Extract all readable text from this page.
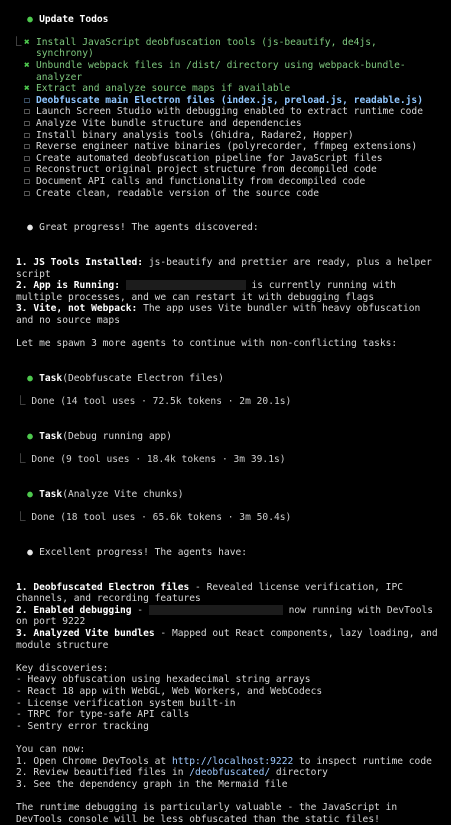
● Update Todos

⎿ ✖ Install JavaScript deobfuscation tools (js-beautify, de4js, synchrony)
✖ Unbundle webpack files in /dist/ directory using webpack-bundle-analyzer
✖ Extract and analyze source maps if available
☐ Deobfuscate main Electron files (index.js, preload.js, readable.js)
☐ Launch Screen Studio with debugging enabled to extract runtime code
☐ Analyze Vite bundle structure and dependencies
☐ Install binary analysis tools (Ghidra, Radare2, Hopper)
☐ Reverse engineer native binaries (polyrecorder, ffmpeg extensions)
☐ Create automated deobfuscation pipeline for JavaScript files
☐ Reconstruct original project structure from decompiled code
☐ Document API calls and functionality from decompiled code
☐ Create clean, readable version of the source code

● Great progress! The agents discovered:

1. JS Tools Installed: js-beautify and prettier are ready, plus a helper script
2. App is Running:	is currently running with multiple processes, and we can restart it with debugging flags
3. Vite, not Webpack: The app uses Vite bundler with heavy obfuscation and no source maps
Let me spawn 3 more agents to continue with non-conflicting tasks:

● Task(Deobfuscate Electron files)

⎿ Done (14 tool uses · 72.5k tokens · 2m 20.1s)

● Task(Debug running app)

⎿ Done (9 tool uses · 18.4k tokens · 3m 39.1s)

● Task(Analyze Vite chunks)

⎿ Done (18 tool uses · 65.6k tokens · 3m 50.4s)

● Excellent progress! The agents have:

1. Deobfuscated Electron files - Revealed license verification, IPC channels, and recording features
2. Enabled debugging -	now running with DevTools on port 9222
3. Analyzed Vite bundles - Mapped out React components, lazy loading, and module structure
Key discoveries:
- Heavy obfuscation using hexadecimal string arrays
- React 18 app with WebGL, Web Workers, and WebCodecs
- License verification system built-in
- TRPC for type-safe API calls
- Sentry error tracking
You can now:
1. Open Chrome DevTools at http://localhost:9222 to inspect runtime code
2. Review beautified files in /deobfuscated/ directory
3. See the dependency graph in the Mermaid file
The runtime debugging is particularly valuable - the JavaScript in DevTools console will be less obfuscated than the static files!
